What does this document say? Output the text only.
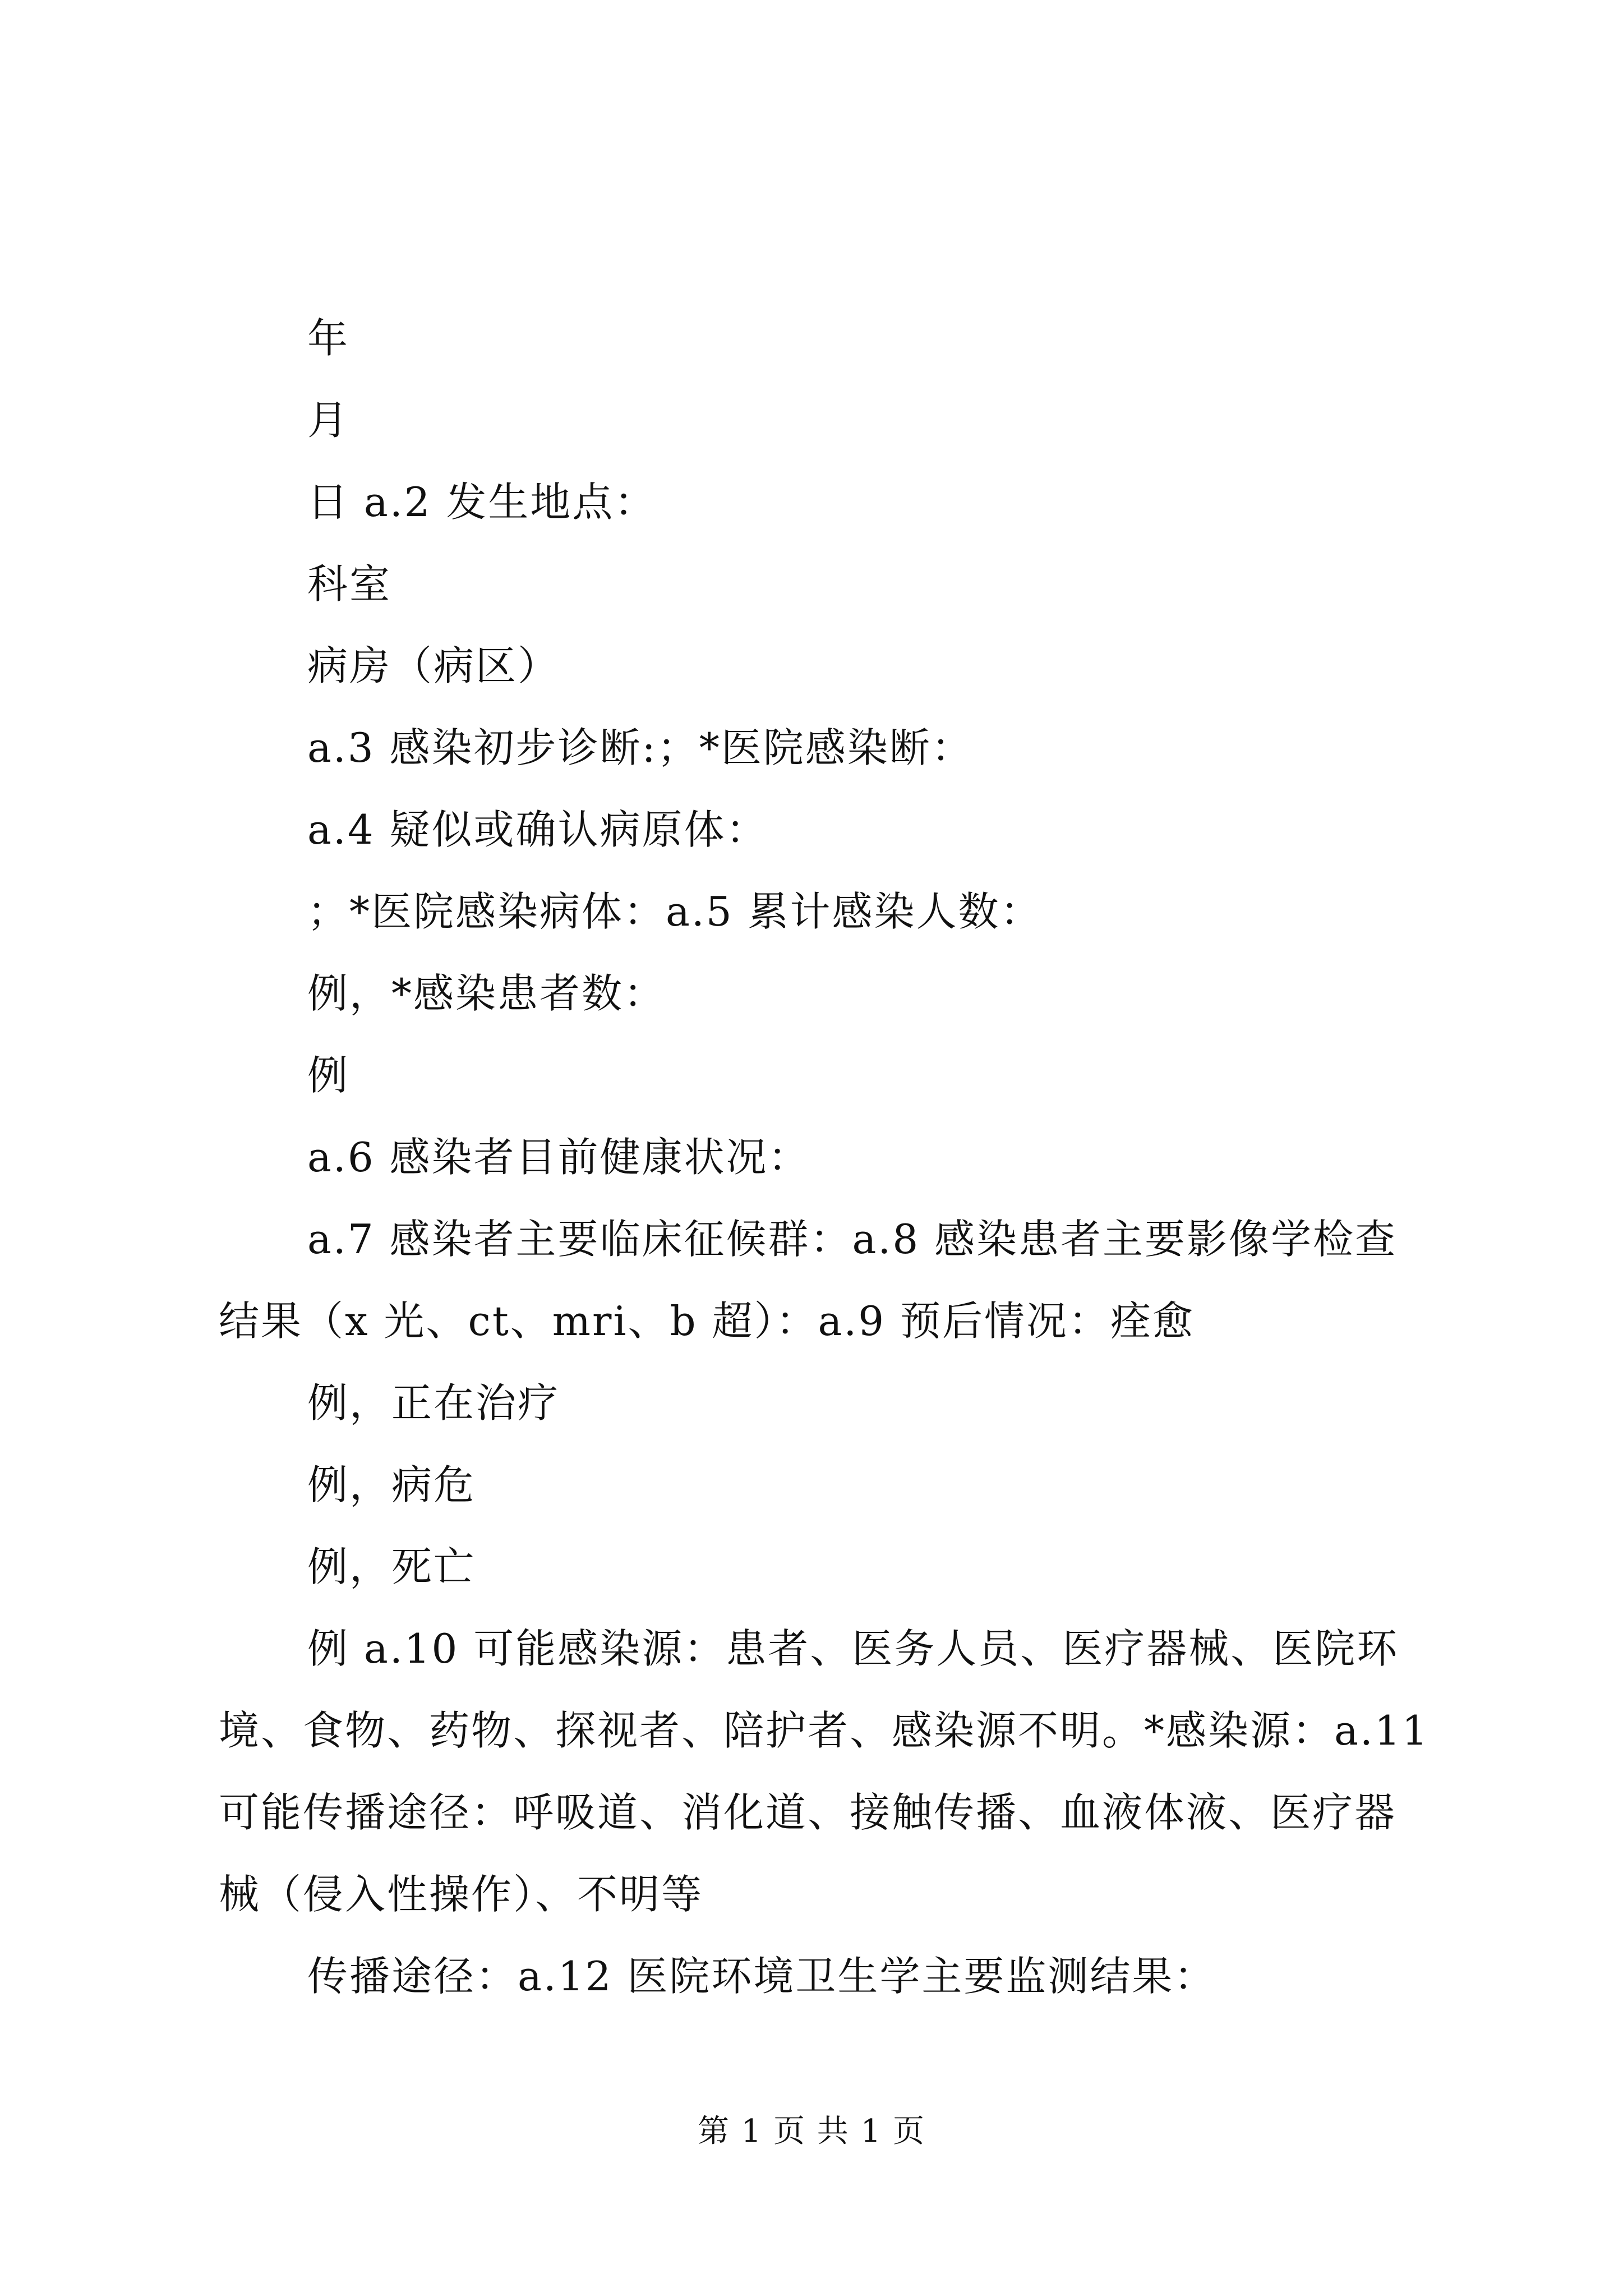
年

月

日 a.2 发生地点：

科室

病房（病区）

a.3 感染初步诊断:；*医院感染断：

a.4 疑似或确认病原体：

；*医院感染病体：a.5 累计感染人数：

例，*感染患者数：

例

a.6 感染者目前健康状况：

a.7 感染者主要临床征候群：a.8 感染患者主要影像学检查结果（x 光、ct、mri、b 超）：a.9 预后情况：痊愈

例，正在治疗

例，病危

例，死亡

例 a.10 可能感染源：患者、医务人员、医疗器械、医院环境、食物、药物、探视者、陪护者、感染源不明。*感染源：a.11 可能传播途径：呼吸道、消化道、接触传播、血液体液、医疗器械（侵入性操作）、不明等

传播途径：a.12 医院环境卫生学主要监测结果：

第 1 页 共 1 页
